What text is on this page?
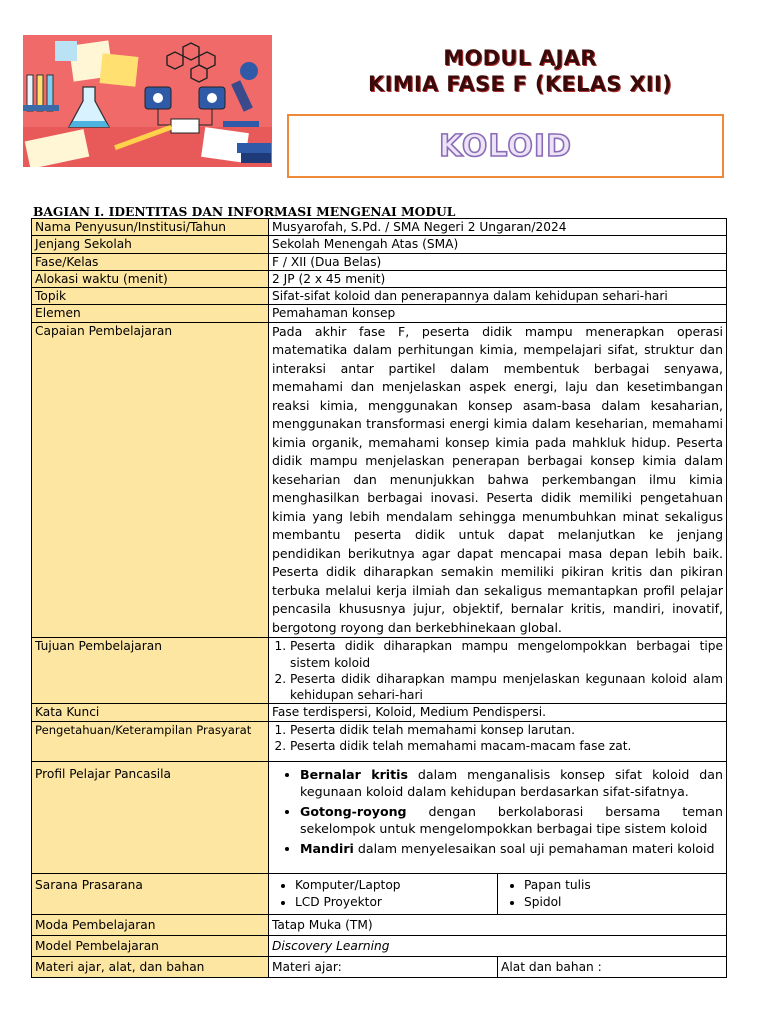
MODUL AJAR
KIMIA FASE F (KELAS XII)
KOLOID
BAGIAN I. IDENTITAS DAN INFORMASI MENGENAI MODUL
Nama Penyusun/Institusi/Tahun	Musyarofah, S.Pd. / SMA Negeri 2 Ungaran/2024
Jenjang Sekolah	Sekolah Menengah Atas (SMA)
Fase/Kelas	F / XII (Dua Belas)
Alokasi waktu (menit)	2 JP (2 x 45 menit)
Topik	Sifat-sifat koloid dan penerapannya dalam kehidupan sehari-hari
Elemen	Pemahaman konsep
Capaian Pembelajaran	Pada akhir fase F, peserta didik mampu menerapkan operasi matematika dalam perhitungan kimia, mempelajari sifat, struktur dan interaksi antar partikel dalam membentuk berbagai senyawa, memahami dan menjelaskan aspek energi, laju dan kesetimbangan reaksi kimia, menggunakan konsep asam-basa dalam kesaharian, menggunakan transformasi energi kimia dalam keseharian, memahami kimia organik, memahami konsep kimia pada mahkluk hidup. Peserta didik mampu menjelaskan penerapan berbagai konsep kimia dalam keseharian dan menunjukkan bahwa perkembangan ilmu kimia menghasilkan berbagai inovasi. Peserta didik memiliki pengetahuan kimia yang lebih mendalam sehingga menumbuhkan minat sekaligus membantu peserta didik untuk dapat melanjutkan ke jenjang pendidikan berikutnya agar dapat mencapai masa depan lebih baik. Peserta didik diharapkan semakin memiliki pikiran kritis dan pikiran terbuka melalui kerja ilmiah dan sekaligus memantapkan profil pelajar pencasila khususnya jujur, objektif, bernalar kritis, mandiri, inovatif, bergotong royong dan berkebhinekaan global.
Tujuan Pembelajaran	
1.Peserta didik diharapkan mampu mengelompokkan berbagai tipe sistem koloid
2. Peserta didik diharapkan mampu menjelaskan kegunaan koloid alam kehidupan sehari-hari

Kata Kunci	Fase terdispersi, Koloid, Medium Pendispersi.
Pengetahuan/Keterampilan Prasyarat	
1.Peserta didik telah memahami konsep larutan.
2. Peserta didik telah memahami macam-macam fase zat.

Profil Pelajar Pancasila	
•Bernalar kritis dalam menganalisis konsep sifat koloid dan kegunaan koloid dalam kehidupan berdasarkan sifat-sifatnya.
• Gotong-royong dengan berkolaborasi bersama teman sekelompok untuk mengelompokkan berbagai tipe sistem koloid
• Mandiri dalam menyelesaikan soal uji pemahaman materi koloid

Sarana Prasarana	
•	Komputer/Laptop
• LCD Proyektor

• Papan tulis
• Spidol

Moda Pembelajaran	Tatap Muka (TM)
Model Pembelajaran	Discovery Learning
Materi ajar, alat, dan bahan		Materi ajar:	Alat dan bahan :
